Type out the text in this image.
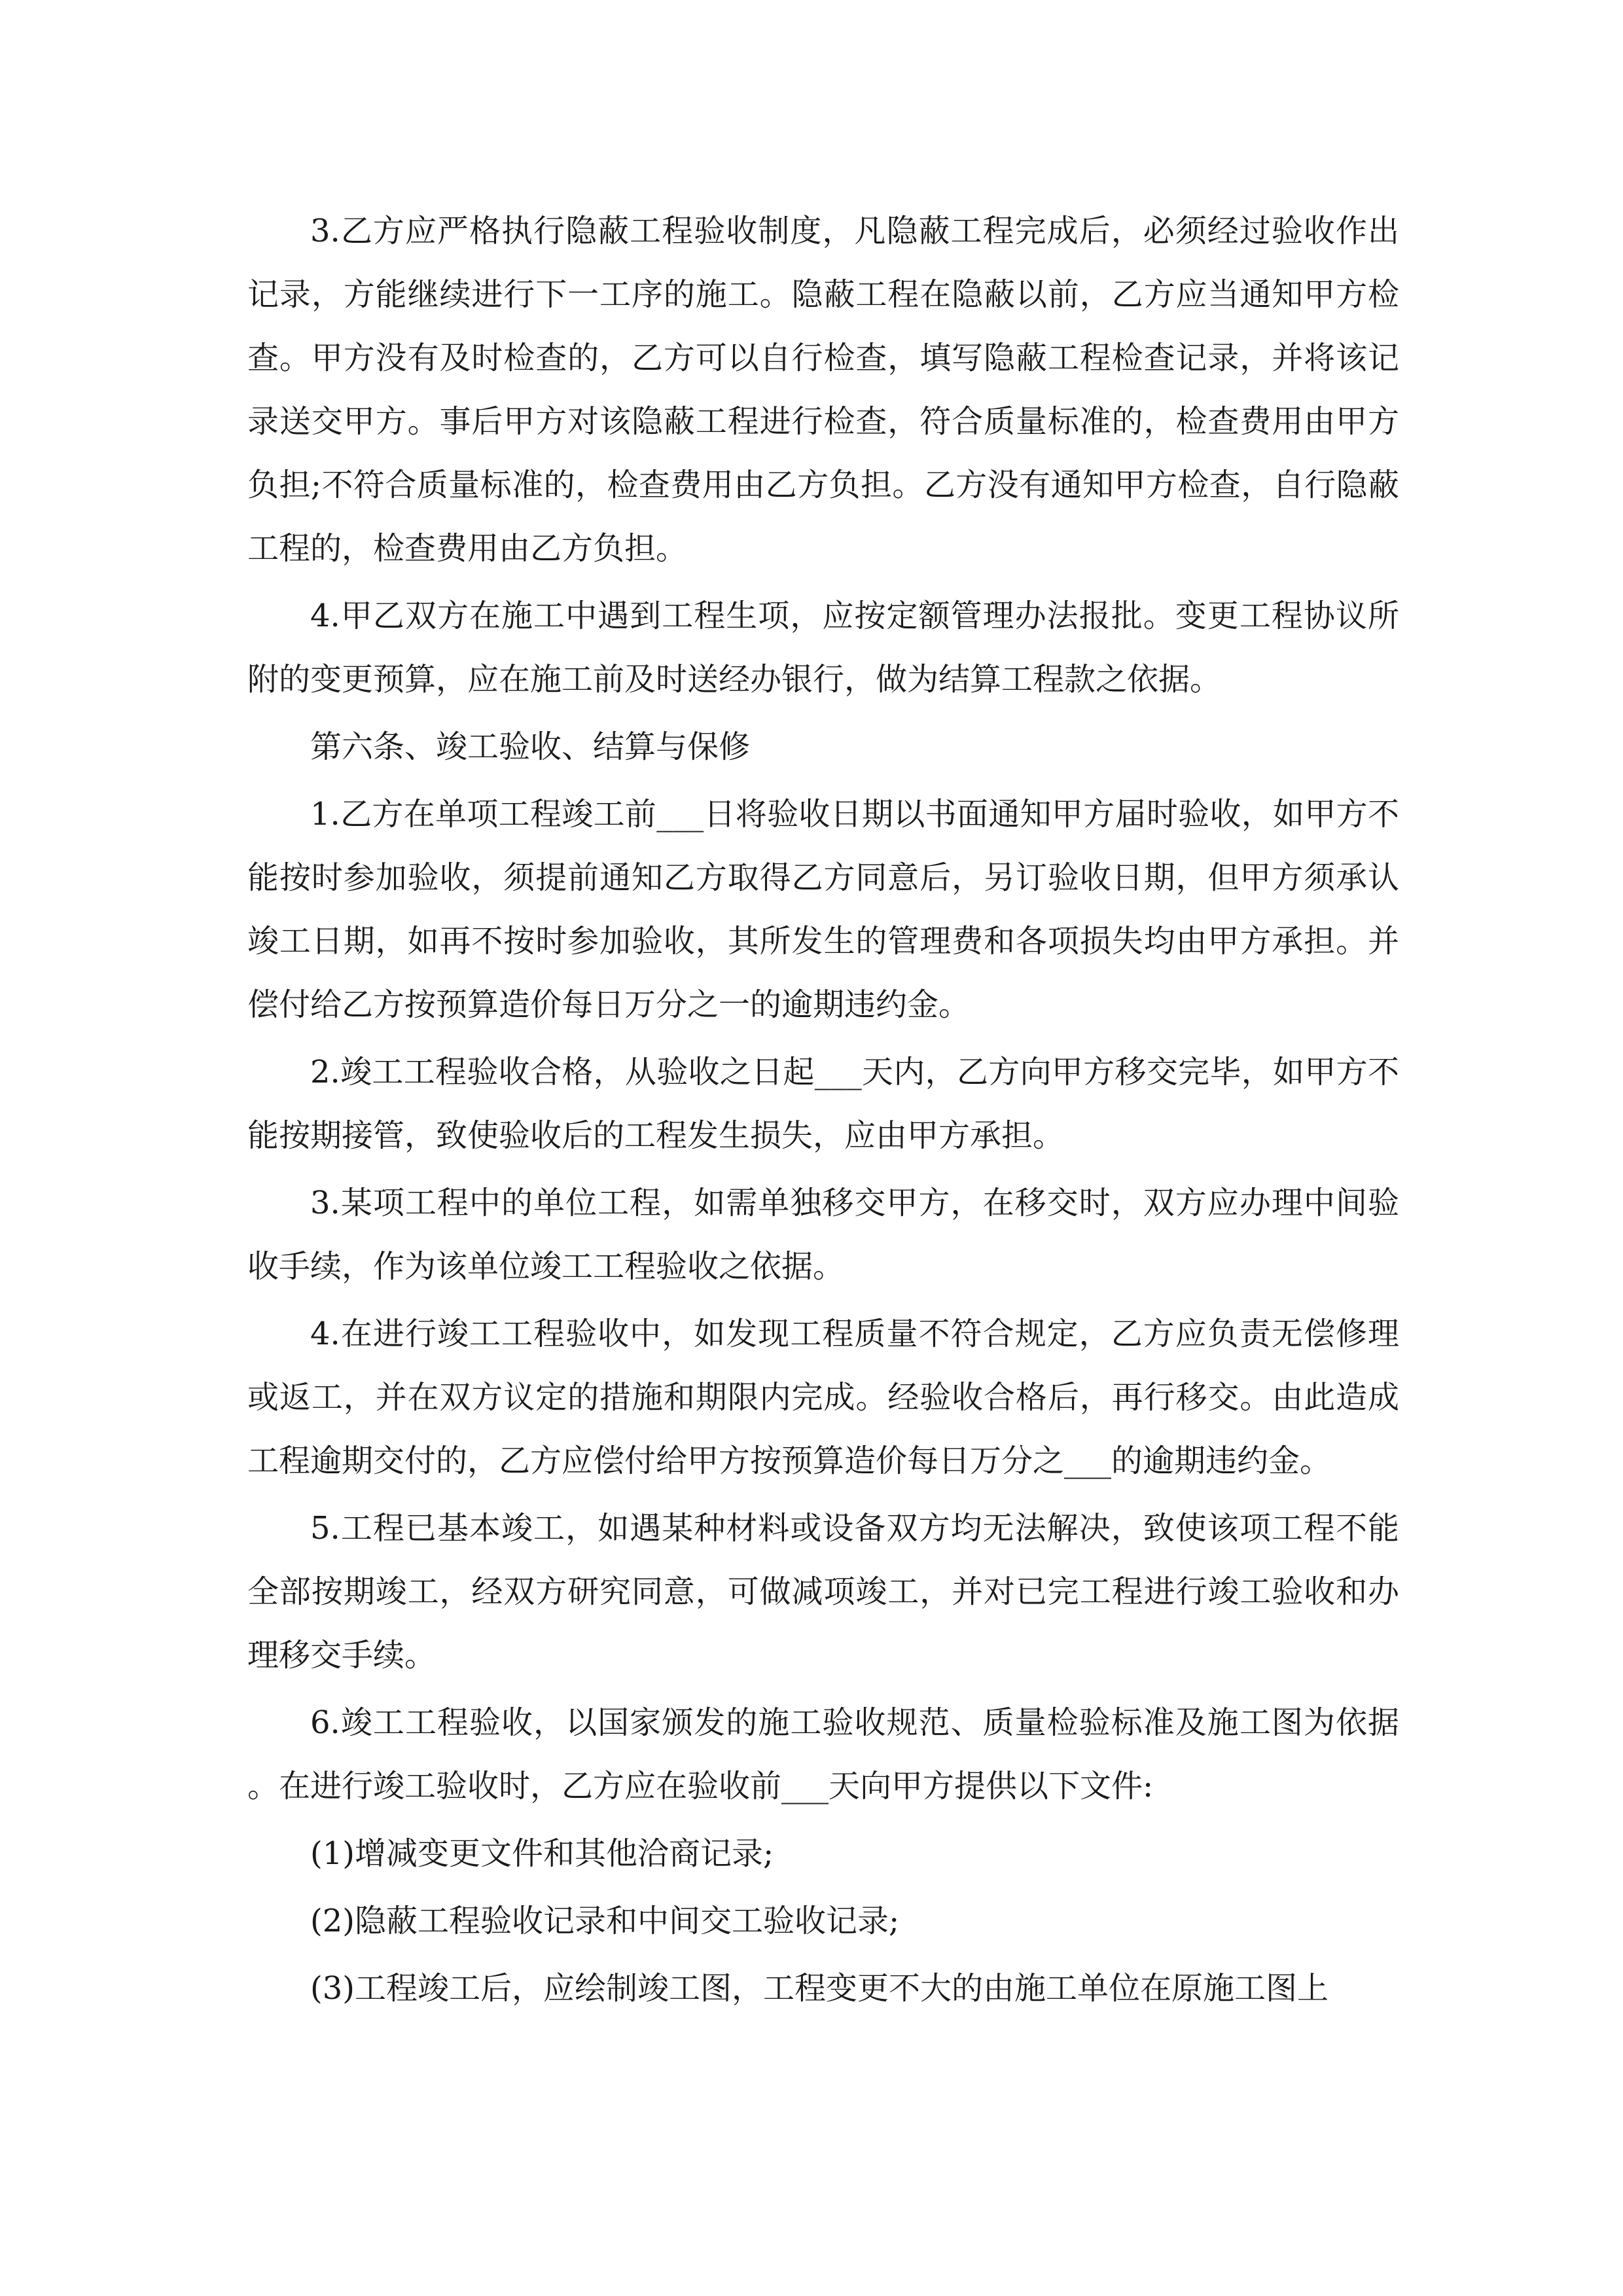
3.乙方应严格执行隐蔽工程验收制度，凡隐蔽工程完成后，必须经过验收作出记录，方能继续进行下一工序的施工。隐蔽工程在隐蔽以前，乙方应当通知甲方检查。甲方没有及时检查的，乙方可以自行检查，填写隐蔽工程检查记录，并将该记录送交甲方。事后甲方对该隐蔽工程进行检查，符合质量标准的，检查费用由甲方负担;不符合质量标准的，检查费用由乙方负担。乙方没有通知甲方检查，自行隐蔽工程的，检查费用由乙方负担。

4.甲乙双方在施工中遇到工程生项，应按定额管理办法报批。变更工程协议所附的变更预算，应在施工前及时送经办银行，做为结算工程款之依据。

第六条、竣工验收、结算与保修

1.乙方在单项工程竣工前___日将验收日期以书面通知甲方届时验收，如甲方不能按时参加验收，须提前通知乙方取得乙方同意后，另订验收日期，但甲方须承认竣工日期，如再不按时参加验收，其所发生的管理费和各项损失均由甲方承担。并偿付给乙方按预算造价每日万分之一的逾期违约金。

2.竣工工程验收合格，从验收之日起___天内，乙方向甲方移交完毕，如甲方不能按期接管，致使验收后的工程发生损失，应由甲方承担。

3.某项工程中的单位工程，如需单独移交甲方，在移交时，双方应办理中间验收手续，作为该单位竣工工程验收之依据。

4.在进行竣工工程验收中，如发现工程质量不符合规定，乙方应负责无偿修理或返工，并在双方议定的措施和期限内完成。经验收合格后，再行移交。由此造成工程逾期交付的，乙方应偿付给甲方按预算造价每日万分之___的逾期违约金。

5.工程已基本竣工，如遇某种材料或设备双方均无法解决，致使该项工程不能全部按期竣工，经双方研究同意，可做减项竣工，并对已完工程进行竣工验收和办理移交手续。

6.竣工工程验收，以国家颁发的施工验收规范、质量检验标准及施工图为依据。在进行竣工验收时，乙方应在验收前___天向甲方提供以下文件:

(1)增减变更文件和其他洽商记录;

(2)隐蔽工程验收记录和中间交工验收记录;

(3)工程竣工后，应绘制竣工图，工程变更不大的由施工单位在原施工图上
